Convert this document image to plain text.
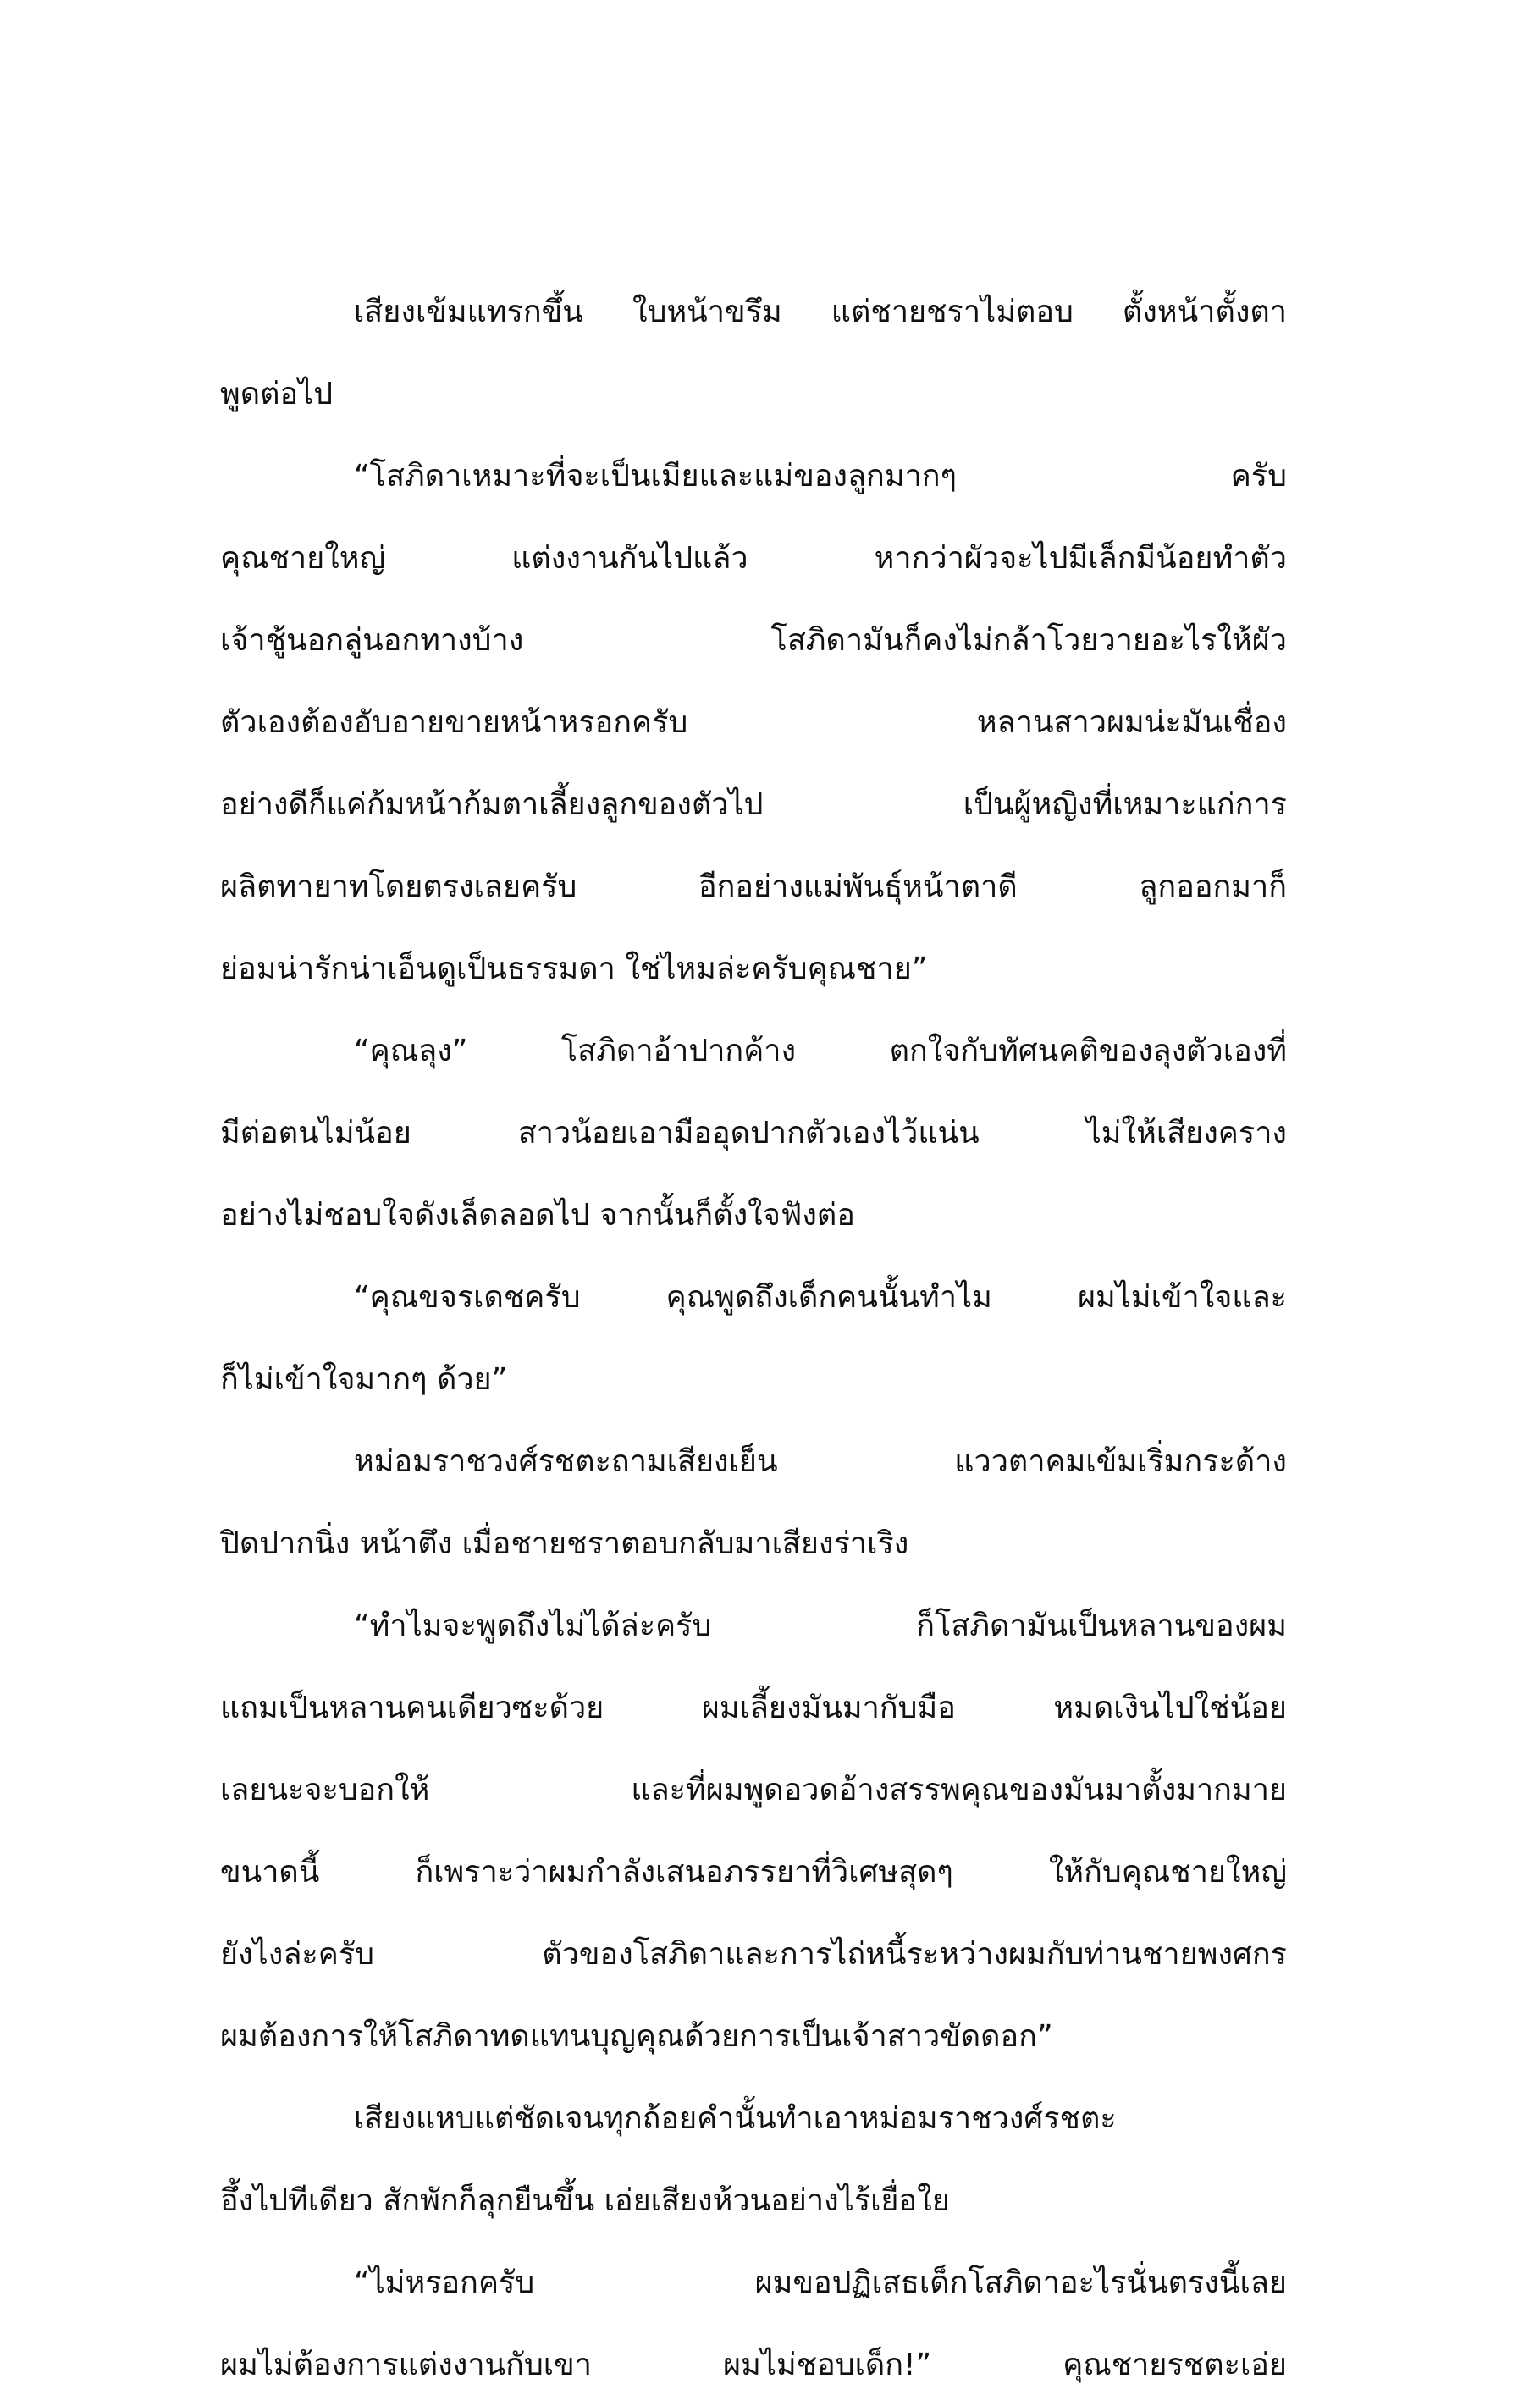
เสียงเข้มแทรกขึ้น ใบหน้าขรึม แต่ชายชราไม่ตอบ ตั้งหน้าตั้งตา
พูดต่อไป
“โสภิดาเหมาะที่จะเป็นเมียและแม่ของลูกมากๆ ครับ
คุณชายใหญ่ แต่งงานกันไปแล้ว หากว่าผัวจะไปมีเล็กมีน้อยทำตัว
เจ้าชู้นอกลู่นอกทางบ้าง โสภิดามันก็คงไม่กล้าโวยวายอะไรให้ผัว
ตัวเองต้องอับอายขายหน้าหรอกครับ หลานสาวผมน่ะมันเชื่อง
อย่างดีก็แค่ก้มหน้าก้มตาเลี้ยงลูกของตัวไป เป็นผู้หญิงที่เหมาะแก่การ
ผลิตทายาทโดยตรงเลยครับ อีกอย่างแม่พันธุ์หน้าตาดี ลูกออกมาก็
ย่อมน่ารักน่าเอ็นดูเป็นธรรมดา ใช่ไหมล่ะครับคุณชาย”
“คุณลุง” โสภิดาอ้าปากค้าง ตกใจกับทัศนคติของลุงตัวเองที่
มีต่อตนไม่น้อย สาวน้อยเอามืออุดปากตัวเองไว้แน่น ไม่ให้เสียงคราง
อย่างไม่ชอบใจดังเล็ดลอดไป จากนั้นก็ตั้งใจฟังต่อ
“คุณขจรเดชครับ คุณพูดถึงเด็กคนนั้นทำไม ผมไม่เข้าใจและ
ก็ไม่เข้าใจมากๆ ด้วย”
หม่อมราชวงศ์รชตะถามเสียงเย็น แววตาคมเข้มเริ่มกระด้าง
ปิดปากนิ่ง หน้าตึง เมื่อชายชราตอบกลับมาเสียงร่าเริง
“ทำไมจะพูดถึงไม่ได้ล่ะครับ ก็โสภิดามันเป็นหลานของผม
แถมเป็นหลานคนเดียวซะด้วย ผมเลี้ยงมันมากับมือ หมดเงินไปใช่น้อย
เลยนะจะบอกให้ และที่ผมพูดอวดอ้างสรรพคุณของมันมาตั้งมากมาย
ขนาดนี้ ก็เพราะว่าผมกำลังเสนอภรรยาที่วิเศษสุดๆ ให้กับคุณชายใหญ่
ยังไงล่ะครับ ตัวของโสภิดาและการไถ่หนี้ระหว่างผมกับท่านชายพงศกร
ผมต้องการให้โสภิดาทดแทนบุญคุณด้วยการเป็นเจ้าสาวขัดดอก”
เสียงแหบแต่ชัดเจนทุกถ้อยคำนั้นทำเอาหม่อมราชวงศ์รชตะ
อึ้งไปทีเดียว สักพักก็ลุกยืนขึ้น เอ่ยเสียงห้วนอย่างไร้เยื่อใย
“ไม่หรอกครับ ผมขอปฏิเสธเด็กโสภิดาอะไรนั่นตรงนี้เลย
ผมไม่ต้องการแต่งงานกับเขา ผมไม่ชอบเด็ก!” คุณชายรชตะเอ่ย
